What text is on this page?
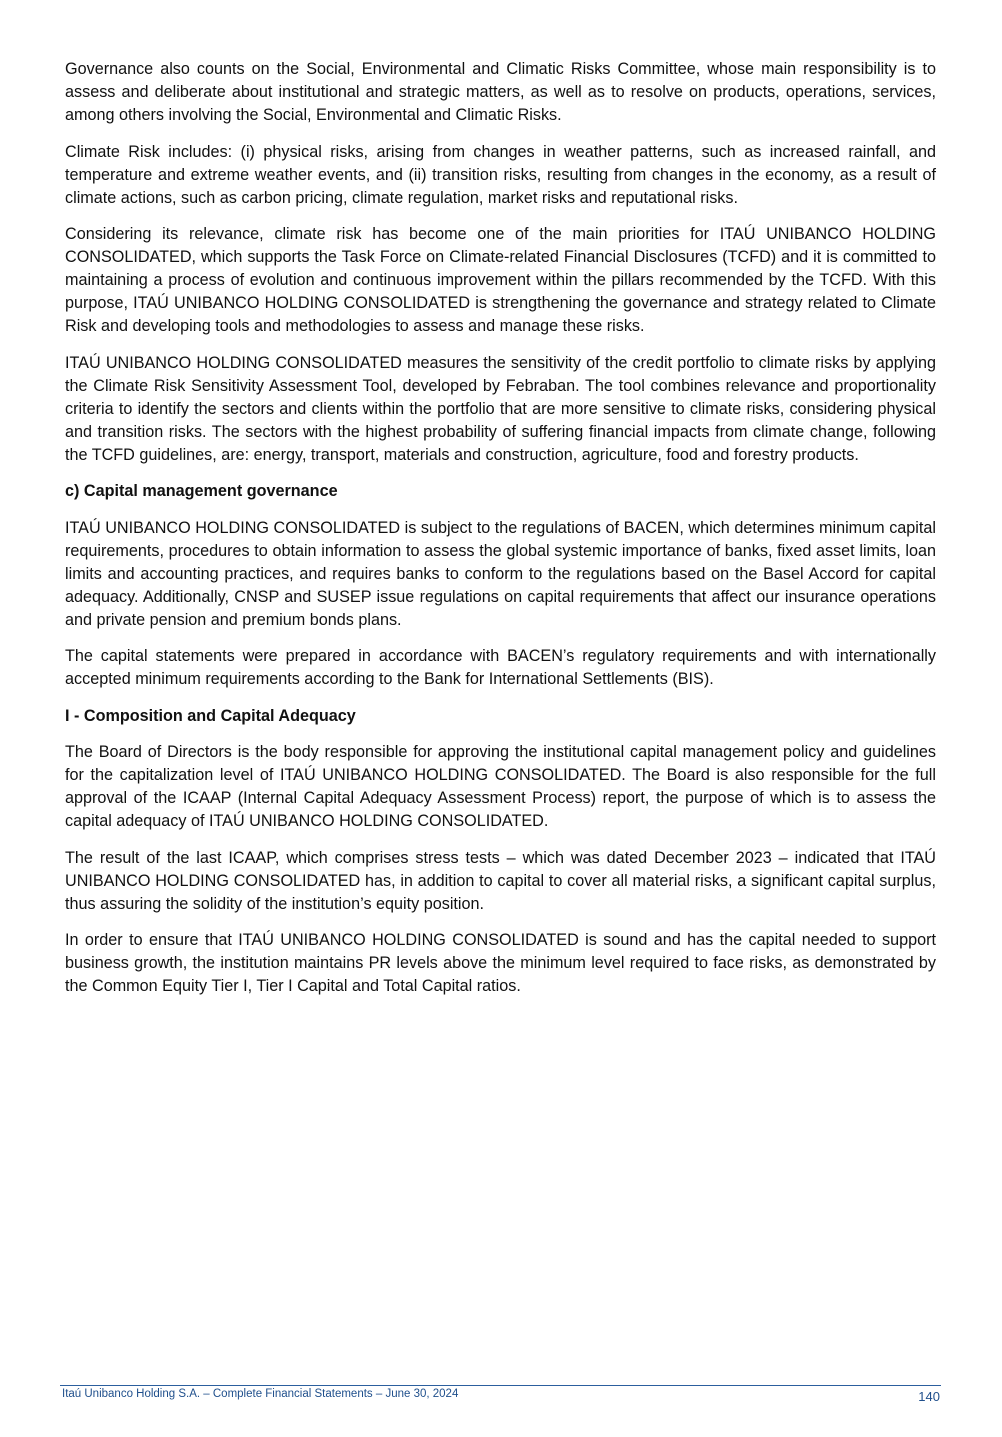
Governance also counts on the Social, Environmental and Climatic Risks Committee, whose main responsibility is to assess and deliberate about institutional and strategic matters, as well as to resolve on products, operations, services, among others involving the Social, Environmental and Climatic Risks.

Climate Risk includes: (i) physical risks, arising from changes in weather patterns, such as increased rainfall, and temperature and extreme weather events, and (ii) transition risks, resulting from changes in the economy, as a result of climate actions, such as carbon pricing, climate regulation, market risks and reputational risks.

Considering its relevance, climate risk has become one of the main priorities for ITAÚ UNIBANCO HOLDING CONSOLIDATED, which supports the Task Force on Climate-related Financial Disclosures (TCFD) and it is committed to maintaining a process of evolution and continuous improvement within the pillars recommended by the TCFD. With this purpose, ITAÚ UNIBANCO HOLDING CONSOLIDATED is strengthening the governance and strategy related to Climate Risk and developing tools and methodologies to assess and manage these risks.

ITAÚ UNIBANCO HOLDING CONSOLIDATED measures the sensitivity of the credit portfolio to climate risks by applying the Climate Risk Sensitivity Assessment Tool, developed by Febraban. The tool combines relevance and proportionality criteria to identify the sectors and clients within the portfolio that are more sensitive to climate risks, considering physical and transition risks. The sectors with the highest probability of suffering financial impacts from climate change, following the TCFD guidelines, are: energy, transport, materials and construction, agriculture, food and forestry products.

c) Capital management governance

ITAÚ UNIBANCO HOLDING CONSOLIDATED is subject to the regulations of BACEN, which determines minimum capital requirements, procedures to obtain information to assess the global systemic importance of banks, fixed asset limits, loan limits and accounting practices, and requires banks to conform to the regulations based on the Basel Accord for capital adequacy. Additionally, CNSP and SUSEP issue regulations on capital requirements that affect our insurance operations and private pension and premium bonds plans.

The capital statements were prepared in accordance with BACEN’s regulatory requirements and with internationally accepted minimum requirements according to the Bank for International Settlements (BIS).

I - Composition and Capital Adequacy

The Board of Directors is the body responsible for approving the institutional capital management policy and guidelines for the capitalization level of ITAÚ UNIBANCO HOLDING CONSOLIDATED. The Board is also responsible for the full approval of the ICAAP (Internal Capital Adequacy Assessment Process) report, the purpose of which is to assess the capital adequacy of ITAÚ UNIBANCO HOLDING CONSOLIDATED.

The result of the last ICAAP, which comprises stress tests – which was dated December 2023 – indicated that ITAÚ UNIBANCO HOLDING CONSOLIDATED has, in addition to capital to cover all material risks, a significant capital surplus, thus assuring the solidity of the institution’s equity position.

In order to ensure that ITAÚ UNIBANCO HOLDING CONSOLIDATED is sound and has the capital needed to support business growth, the institution maintains PR levels above the minimum level required to face risks, as demonstrated by the Common Equity Tier I, Tier I Capital and Total Capital ratios.

Itaú Unibanco Holding S.A. – Complete Financial Statements – June 30, 2024	140
